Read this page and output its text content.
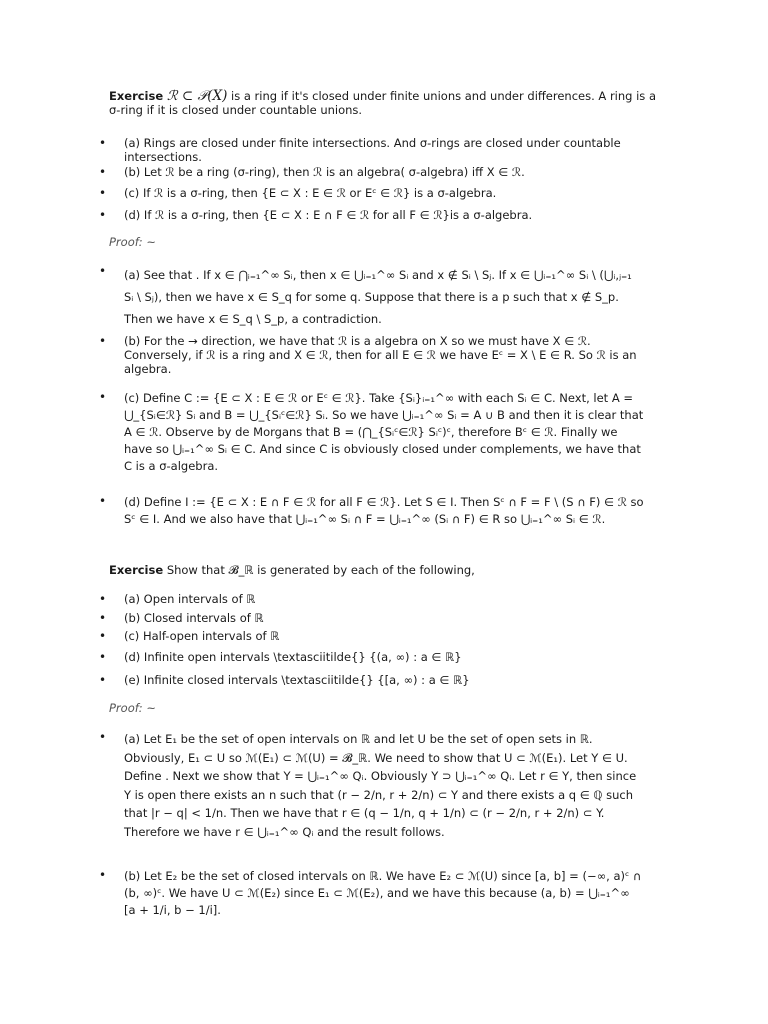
Exercise ℛ ⊂ 𝒫(X) is a ring if it's closed under finite unions and under differences. A ring is a σ-ring if it is closed under countable unions.
• (a) Rings are closed under finite intersections. And σ-rings are closed under countable intersections.
• (b) Let ℛ be a ring (σ-ring), then ℛ is an algebra( σ-algebra) iff X ∈ ℛ.
• (c) If ℛ is a σ-ring, then {E ⊂ X : E ∈ ℛ or Eᶜ ∈ ℛ} is a σ-algebra.
• (d) If ℛ is a σ-ring, then {E ⊂ X : E ∩ F ∈ ℛ for all F ∈ ℛ}is a σ-algebra.
Proof: ~
• (a) See that . If x ∈ ⋂ᵢ₌₁^∞ Sᵢ, then x ∈ ⋃ᵢ₌₁^∞ Sᵢ and x ∉ Sᵢ \ Sⱼ. If x ∈ ⋃ᵢ₌₁^∞ Sᵢ \ (⋃ᵢ,ⱼ₌₁ Sᵢ \ Sⱼ), then we have x ∈ S_q for some q. Suppose that there is a p such that x ∉ S_p. Then we have x ∈ S_q \ S_p, a contradiction.
• (b) For the → direction, we have that ℛ is a algebra on X so we must have X ∈ ℛ. Conversely, if ℛ is a ring and X ∈ ℛ, then for all E ∈ ℛ we have Eᶜ = X \ E ∈ R. So ℛ is an algebra.
• (c) Define C := {E ⊂ X : E ∈ ℛ or Eᶜ ∈ ℛ}. Take {Sᵢ}ᵢ₌₁^∞ with each Sᵢ ∈ C. Next, let A = ⋃_{Sᵢ∈ℛ} Sᵢ and B = ⋃_{Sᵢᶜ∈ℛ} Sᵢ. So we have ⋃ᵢ₌₁^∞ Sᵢ = A ∪ B and then it is clear that A ∈ ℛ. Observe by de Morgans that B = (⋂_{Sᵢᶜ∈ℛ} Sᵢᶜ)ᶜ, therefore Bᶜ ∈ ℛ. Finally we have so ⋃ᵢ₌₁^∞ Sᵢ ∈ C. And since C is obviously closed under complements, we have that C is a σ-algebra.
• (d) Define I := {E ⊂ X : E ∩ F ∈ ℛ for all F ∈ ℛ}. Let S ∈ I. Then Sᶜ ∩ F = F \ (S ∩ F) ∈ ℛ so Sᶜ ∈ I. And we also have that ⋃ᵢ₌₁^∞ Sᵢ ∩ F = ⋃ᵢ₌₁^∞ (Sᵢ ∩ F) ∈ R so ⋃ᵢ₌₁^∞ Sᵢ ∈ ℛ.
Exercise Show that 𝓑_ℝ is generated by each of the following,
• (a) Open intervals of ℝ
• (b) Closed intervals of ℝ
• (c) Half-open intervals of ℝ
• (d) Infinite open intervals \textasciitilde{} {(a, ∞) : a ∈ ℝ}
• (e) Infinite closed intervals \textasciitilde{} {[a, ∞) : a ∈ ℝ}
Proof: ~
• (a) Let E₁ be the set of open intervals on ℝ and let U be the set of open sets in ℝ. Obviously, E₁ ⊂ U so ℳ(E₁) ⊂ ℳ(U) = 𝓑_ℝ. We need to show that U ⊂ ℳ(E₁). Let Y ∈ U. Define . Next we show that Y = ⋃ᵢ₌₁^∞ Qᵢ. Obviously Y ⊃ ⋃ᵢ₌₁^∞ Qᵢ. Let r ∈ Y, then since Y is open there exists an n such that (r − 2/n, r + 2/n) ⊂ Y and there exists a q ∈ ℚ such that |r − q| < 1/n. Then we have that r ∈ (q − 1/n, q + 1/n) ⊂ (r − 2/n, r + 2/n) ⊂ Y. Therefore we have r ∈ ⋃ᵢ₌₁^∞ Qᵢ and the result follows.
• (b) Let E₂ be the set of closed intervals on ℝ. We have E₂ ⊂ ℳ(U) since [a, b] = (−∞, a)ᶜ ∩ (b, ∞)ᶜ. We have U ⊂ ℳ(E₂) since E₁ ⊂ ℳ(E₂), and we have this because (a, b) = ⋃ᵢ₌₁^∞ [a + 1/i, b − 1/i].
